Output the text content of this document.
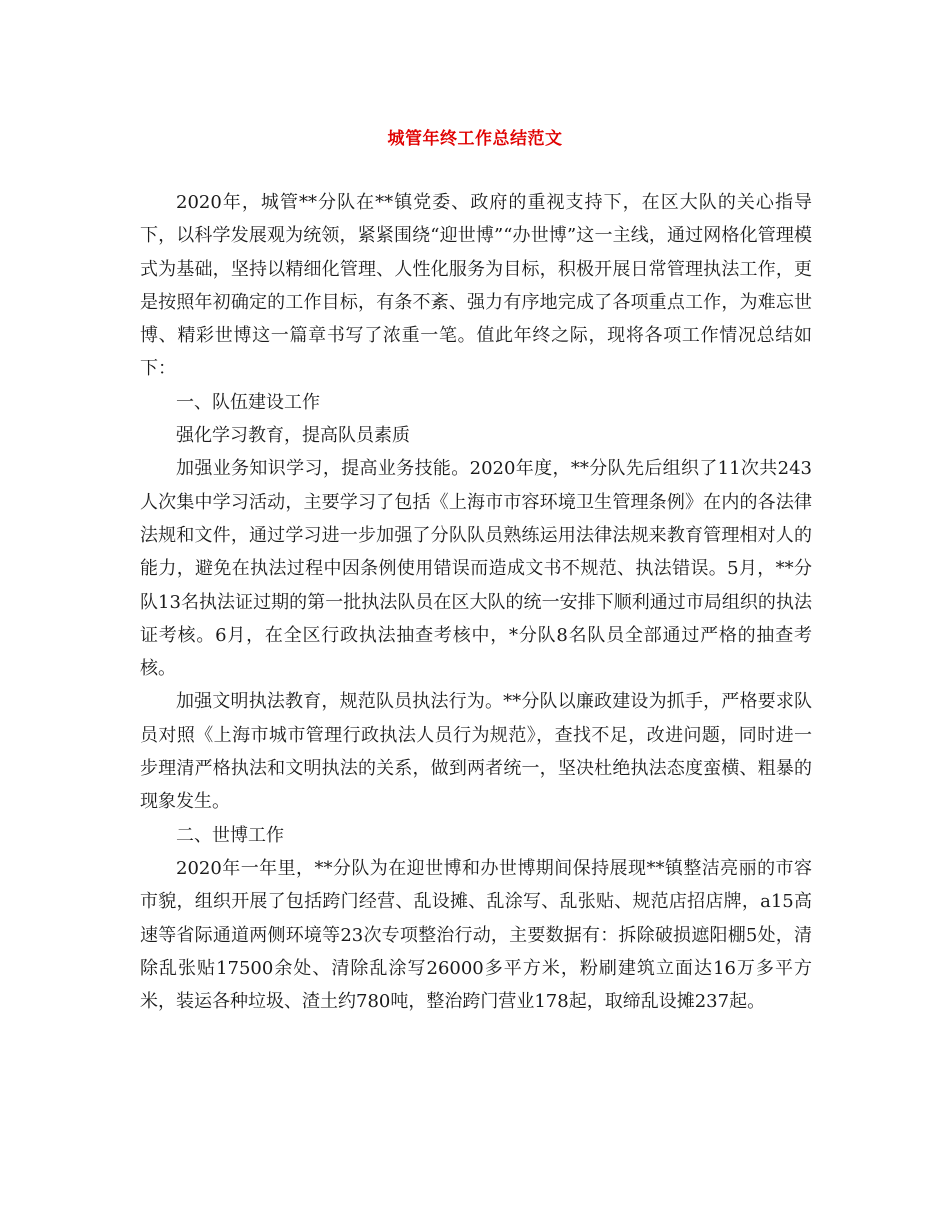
城管年终工作总结范文

2020年，城管**分队在**镇党委、政府的重视支持下，在区大队的关心指导下，以科学发展观为统领，紧紧围绕“迎世博”“办世博”这一主线，通过网格化管理模式为基础，坚持以精细化管理、人性化服务为目标，积极开展日常管理执法工作，更是按照年初确定的工作目标，有条不紊、强力有序地完成了各项重点工作，为难忘世博、精彩世博这一篇章书写了浓重一笔。值此年终之际，现将各项工作情况总结如下：

一、队伍建设工作

强化学习教育，提高队员素质

加强业务知识学习，提高业务技能。2020年度，**分队先后组织了11次共243人次集中学习活动，主要学习了包括《上海市市容环境卫生管理条例》在内的各法律法规和文件，通过学习进一步加强了分队队员熟练运用法律法规来教育管理相对人的能力，避免在执法过程中因条例使用错误而造成文书不规范、执法错误。5月，**分队13名执法证过期的第一批执法队员在区大队的统一安排下顺利通过市局组织的执法证考核。6月，在全区行政执法抽查考核中，*分队8名队员全部通过严格的抽查考核。

加强文明执法教育，规范队员执法行为。**分队以廉政建设为抓手，严格要求队员对照《上海市城市管理行政执法人员行为规范》，查找不足，改进问题，同时进一步理清严格执法和文明执法的关系，做到两者统一，坚决杜绝执法态度蛮横、粗暴的现象发生。

二、世博工作

2020年一年里，**分队为在迎世博和办世博期间保持展现**镇整洁亮丽的市容市貌，组织开展了包括跨门经营、乱设摊、乱涂写、乱张贴、规范店招店牌，a15高速等省际通道两侧环境等23次专项整治行动，主要数据有：拆除破损遮阳棚5处，清除乱张贴17500余处、清除乱涂写26000多平方米，粉刷建筑立面达16万多平方米，装运各种垃圾、渣土约780吨，整治跨门营业178起，取缔乱设摊237起。
